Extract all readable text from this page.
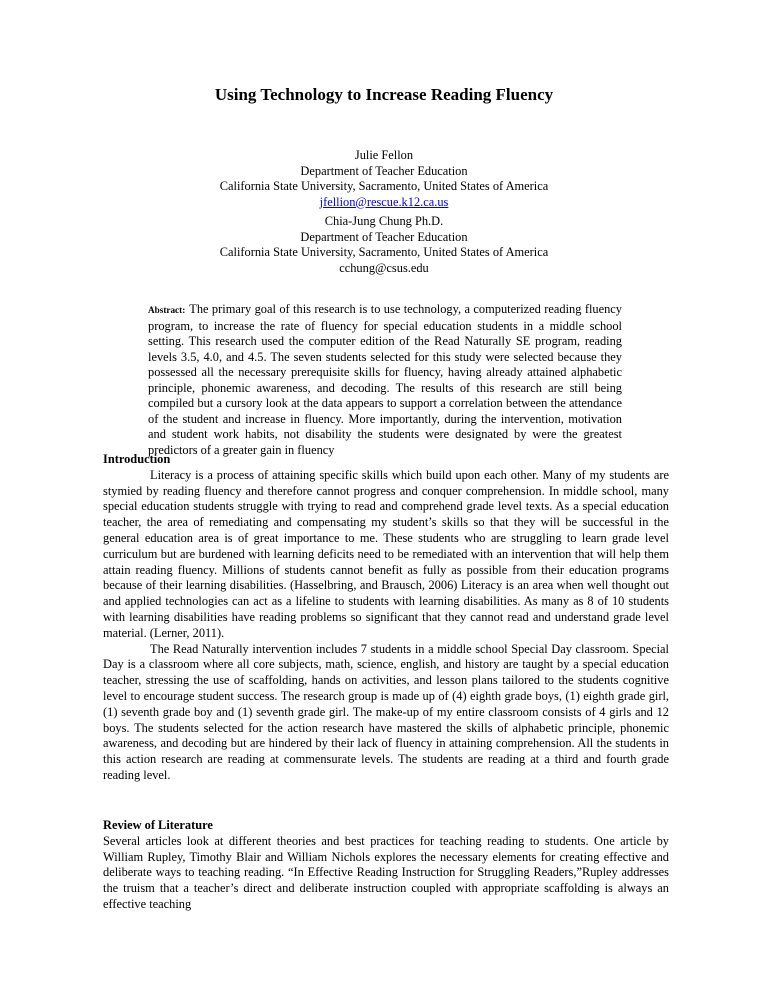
Using Technology to Increase Reading Fluency
Julie Fellon
Department of Teacher Education
California State University, Sacramento, United States of America
jfellion@rescue.k12.ca.us
Chia-Jung Chung Ph.D.
Department of Teacher Education
California State University, Sacramento, United States of America
cchung@csus.edu
Abstract: The primary goal of this research is to use technology, a computerized reading fluency program, to increase the rate of fluency for special education students in a middle school setting. This research used the computer edition of the Read Naturally SE program, reading levels 3.5, 4.0, and 4.5. The seven students selected for this study were selected because they possessed all the necessary prerequisite skills for fluency, having already attained alphabetic principle, phonemic awareness, and decoding. The results of this research are still being compiled but a cursory look at the data appears to support a correlation between the attendance of the student and increase in fluency. More importantly, during the intervention, motivation and student work habits, not disability the students were designated by were the greatest predictors of a greater gain in fluency
Introduction

Literacy is a process of attaining specific skills which build upon each other. Many of my students are stymied by reading fluency and therefore cannot progress and conquer comprehension. In middle school, many special education students struggle with trying to read and comprehend grade level texts. As a special education teacher, the area of remediating and compensating my student’s skills so that they will be successful in the general education area is of great importance to me. These students who are struggling to learn grade level curriculum but are burdened with learning deficits need to be remediated with an intervention that will help them attain reading fluency. Millions of students cannot benefit as fully as possible from their education programs because of their learning disabilities. (Hasselbring, and Brausch, 2006) Literacy is an area when well thought out and applied technologies can act as a lifeline to students with learning disabilities. As many as 8 of 10 students with learning disabilities have reading problems so significant that they cannot read and understand grade level material. (Lerner, 2011).

The Read Naturally intervention includes 7 students in a middle school Special Day classroom. Special Day is a classroom where all core subjects, math, science, english, and history are taught by a special education teacher, stressing the use of scaffolding, hands on activities, and lesson plans tailored to the students cognitive level to encourage student success. The research group is made up of (4) eighth grade boys, (1) eighth grade girl, (1) seventh grade boy and (1) seventh grade girl. The make-up of my entire classroom consists of 4 girls and 12 boys. The students selected for the action research have mastered the skills of alphabetic principle, phonemic awareness, and decoding but are hindered by their lack of fluency in attaining comprehension. All the students in this action research are reading at commensurate levels. The students are reading at a third and fourth grade reading level.

Review of Literature

Several articles look at different theories and best practices for teaching reading to students. One article by William Rupley, Timothy Blair and William Nichols explores the necessary elements for creating effective and deliberate ways to teaching reading. “In Effective Reading Instruction for Struggling Readers,”Rupley addresses the truism that a teacher’s direct and deliberate instruction coupled with appropriate scaffolding is always an effective teaching
